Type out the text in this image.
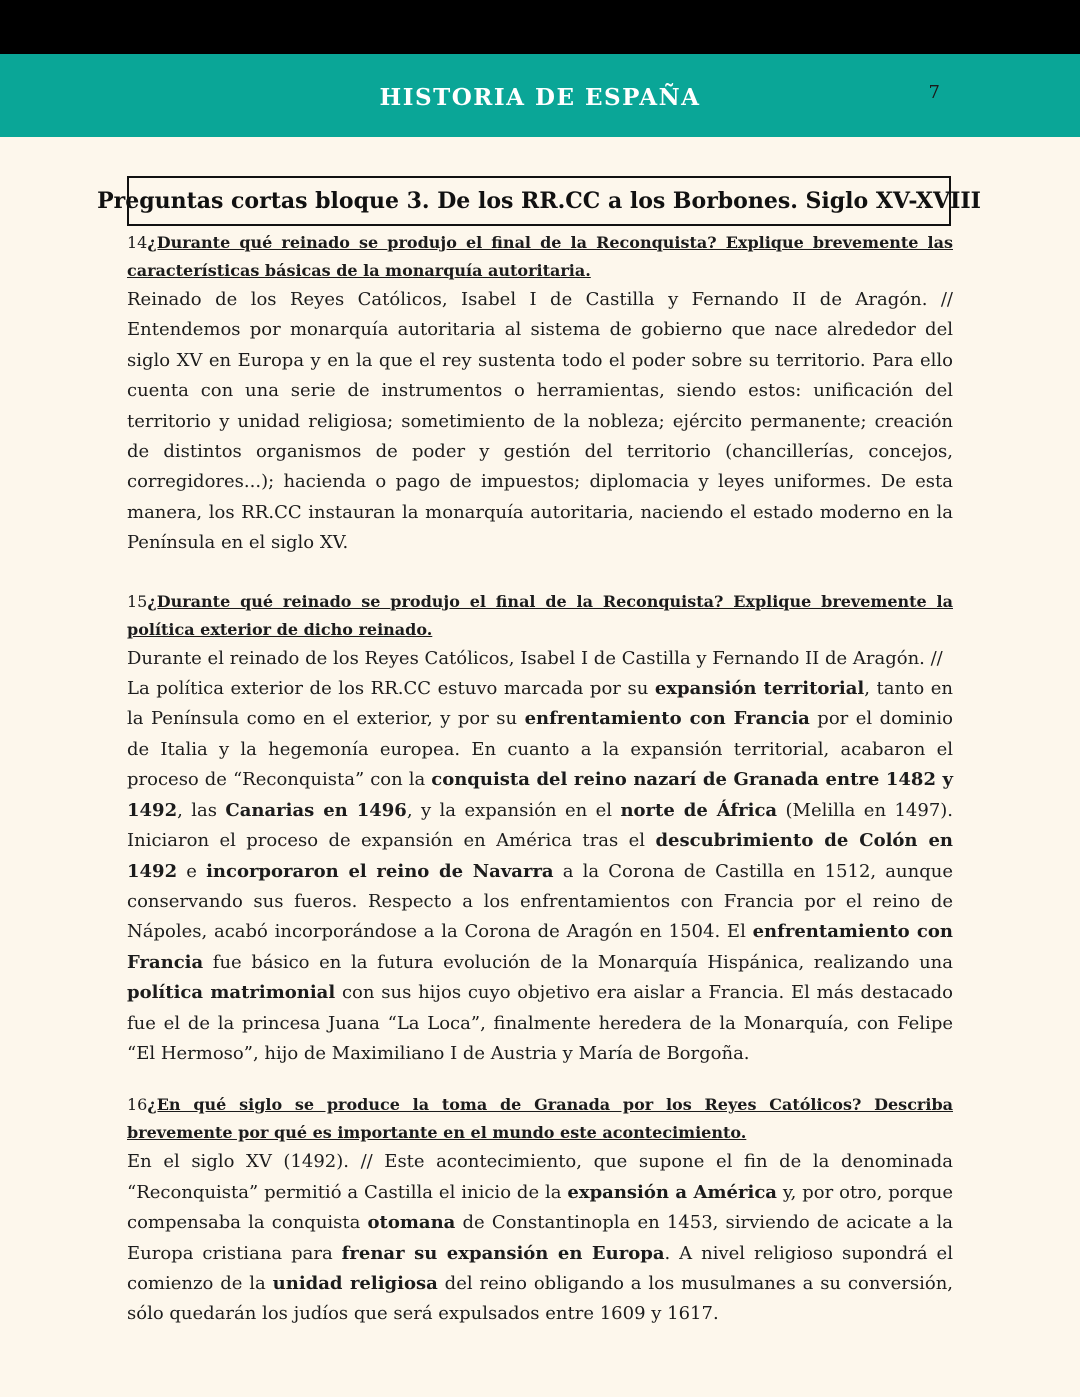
HISTORIA DE ESPAÑA	7
Preguntas cortas bloque 3. De los RR.CC a los Borbones. Siglo XV-XVIII

14¿Durante qué reinado se produjo el final de la Reconquista? Explique brevemente las características básicas de la monarquía autoritaria.

Reinado de los Reyes Católicos, Isabel I de Castilla y Fernando II de Aragón. // Entendemos por monarquía autoritaria al sistema de gobierno que nace alrededor del siglo XV en Europa y en la que el rey sustenta todo el poder sobre su territorio. Para ello cuenta con una serie de instrumentos o herramientas, siendo estos: unificación del territorio y unidad religiosa; sometimiento de la nobleza; ejército permanente; creación de distintos organismos de poder y gestión del territorio (chancillerías, concejos, corregidores...); hacienda o pago de impuestos; diplomacia y leyes uniformes. De esta manera, los RR.CC instauran la monarquía autoritaria, naciendo el estado moderno en la Península en el siglo XV.

15¿Durante qué reinado se produjo el final de la Reconquista? Explique brevemente la política exterior de dicho reinado.

Durante el reinado de los Reyes Católicos, Isabel I de Castilla y Fernando II de Aragón. //

La política exterior de los RR.CC estuvo marcada por su expansión territorial, tanto en la Península como en el exterior, y por su enfrentamiento con Francia por el dominio de Italia y la hegemonía europea. En cuanto a la expansión territorial, acabaron el proceso de “Reconquista” con la conquista del reino nazarí de Granada entre 1482 y 1492, las Canarias en 1496, y la expansión en el norte de África (Melilla en 1497). Iniciaron el proceso de expansión en América tras el descubrimiento de Colón en 1492 e incorporaron el reino de Navarra a la Corona de Castilla en 1512, aunque conservando sus fueros. Respecto a los enfrentamientos con Francia por el reino de Nápoles, acabó incorporándose a la Corona de Aragón en 1504. El enfrentamiento con Francia fue básico en la futura evolución de la Monarquía Hispánica, realizando una política matrimonial con sus hijos cuyo objetivo era aislar a Francia. El más destacado fue el de la princesa Juana “La Loca”, finalmente heredera de la Monarquía, con Felipe “El Hermoso”, hijo de Maximiliano I de Austria y María de Borgoña.

16¿En qué siglo se produce la toma de Granada por los Reyes Católicos? Describa brevemente por qué es importante en el mundo este acontecimiento.

En el siglo XV (1492). // Este acontecimiento, que supone el fin de la denominada “Reconquista” permitió a Castilla el inicio de la expansión a América y, por otro, porque compensaba la conquista otomana de Constantinopla en 1453, sirviendo de acicate a la Europa cristiana para frenar su expansión en Europa. A nivel religioso supondrá el comienzo de la unidad religiosa del reino obligando a los musulmanes a su conversión, sólo quedarán los judíos que será expulsados entre 1609 y 1617.
